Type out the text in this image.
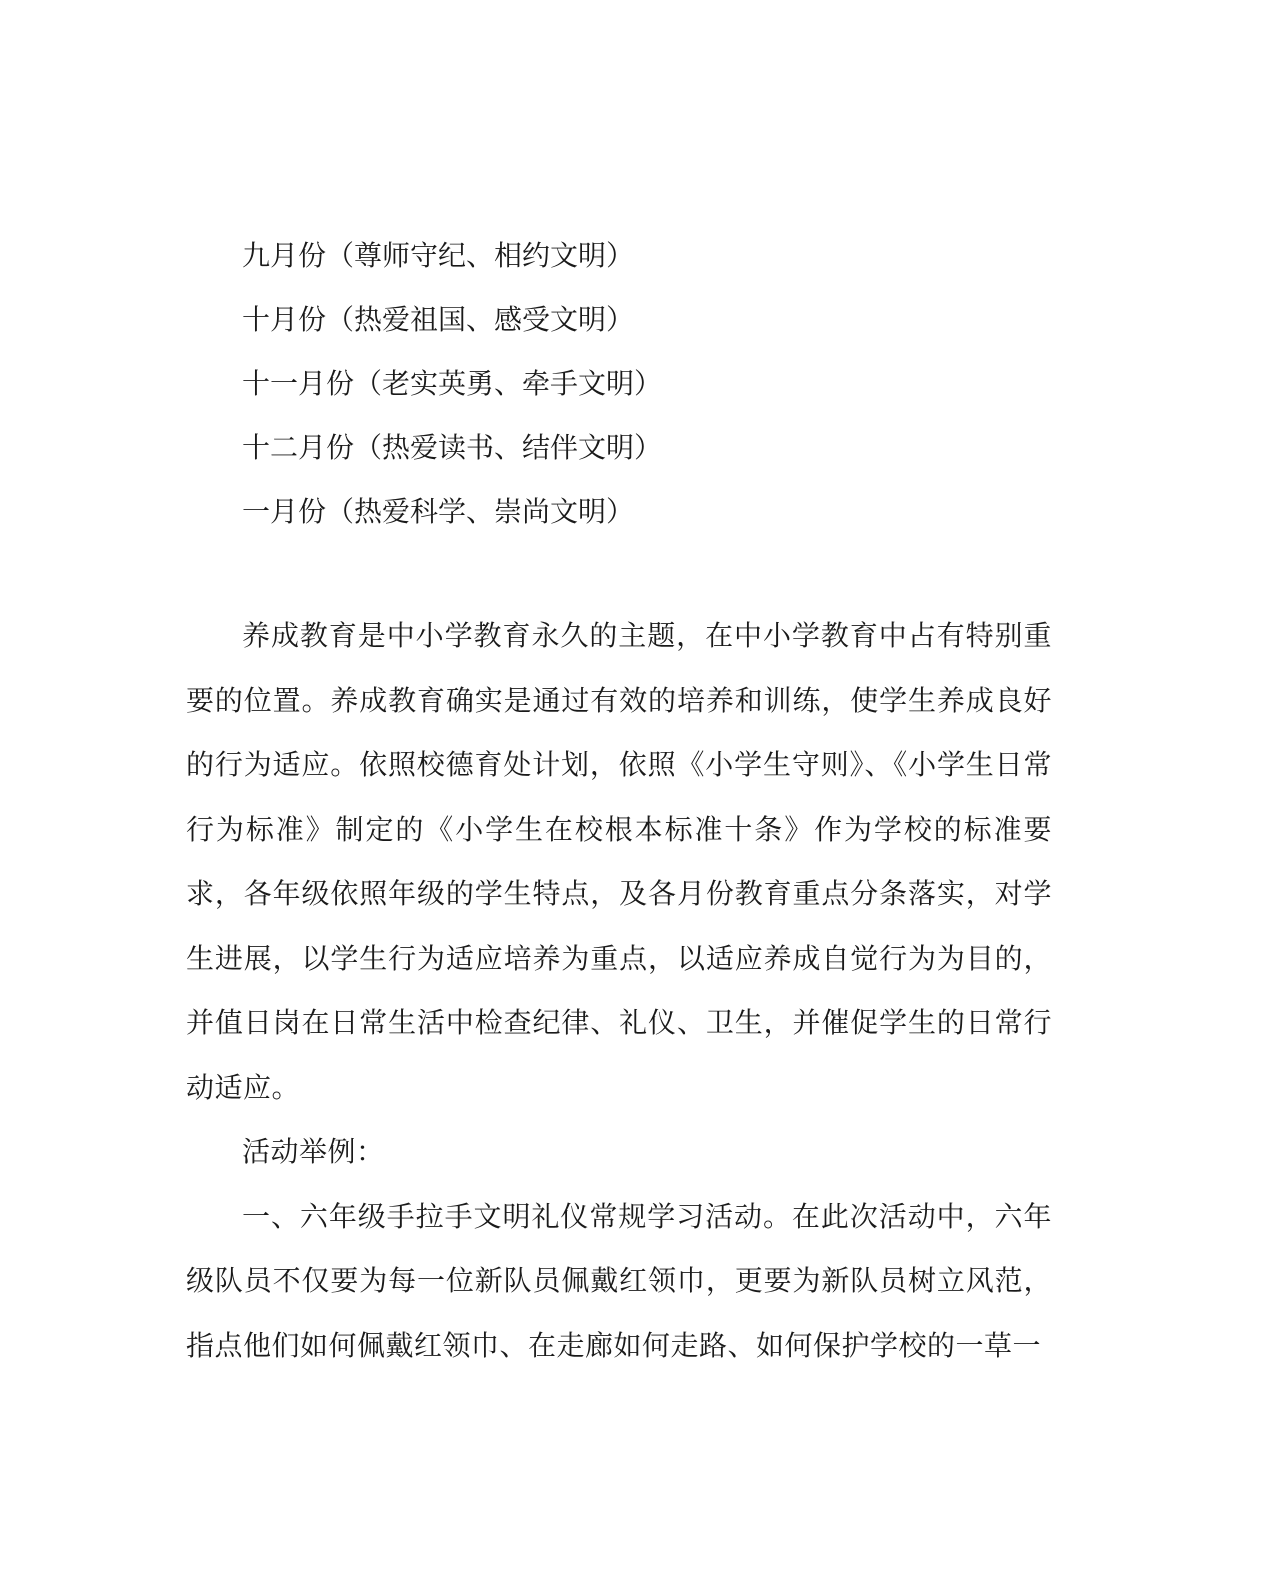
九月份（尊师守纪、相约文明）
十月份（热爱祖国、感受文明）
十一月份（老实英勇、牵手文明）
十二月份（热爱读书、结伴文明）
一月份（热爱科学、崇尚文明）

养成教育是中小学教育永久的主题，在中小学教育中占有特别重要的位置。养成教育确实是通过有效的培养和训练，使学生养成良好的行为适应。依照校德育处计划，依照《小学生守则》、《小学生日常行为标准》制定的《小学生在校根本标准十条》作为学校的标准要求，各年级依照年级的学生特点，及各月份教育重点分条落实，对学生进展，以学生行为适应培养为重点，以适应养成自觉行为为目的，并值日岗在日常生活中检查纪律、礼仪、卫生，并催促学生的日常行动适应。

活动举例：

一、六年级手拉手文明礼仪常规学习活动。在此次活动中，六年级队员不仅要为每一位新队员佩戴红领巾，更要为新队员树立风范，指点他们如何佩戴红领巾、在走廊如何走路、如何保护学校的一草一
